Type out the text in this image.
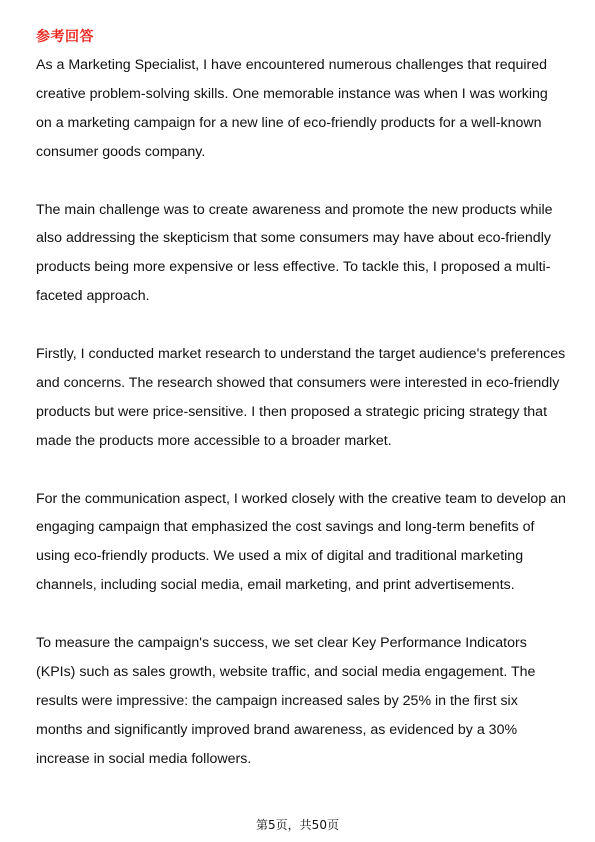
参考回答

As a Marketing Specialist, I have encountered numerous challenges that required creative problem-solving skills. One memorable instance was when I was working on a marketing campaign for a new line of eco-friendly products for a well-known consumer goods company.

The main challenge was to create awareness and promote the new products while also addressing the skepticism that some consumers may have about eco-friendly products being more expensive or less effective. To tackle this, I proposed a multi-faceted approach.

Firstly, I conducted market research to understand the target audience's preferences and concerns. The research showed that consumers were interested in eco-friendly products but were price-sensitive. I then proposed a strategic pricing strategy that made the products more accessible to a broader market.

For the communication aspect, I worked closely with the creative team to develop an engaging campaign that emphasized the cost savings and long-term benefits of using eco-friendly products. We used a mix of digital and traditional marketing channels, including social media, email marketing, and print advertisements.

To measure the campaign's success, we set clear Key Performance Indicators (KPIs) such as sales growth, website traffic, and social media engagement. The results were impressive: the campaign increased sales by 25% in the first six months and significantly improved brand awareness, as evidenced by a 30% increase in social media followers.

第5页，共50页
